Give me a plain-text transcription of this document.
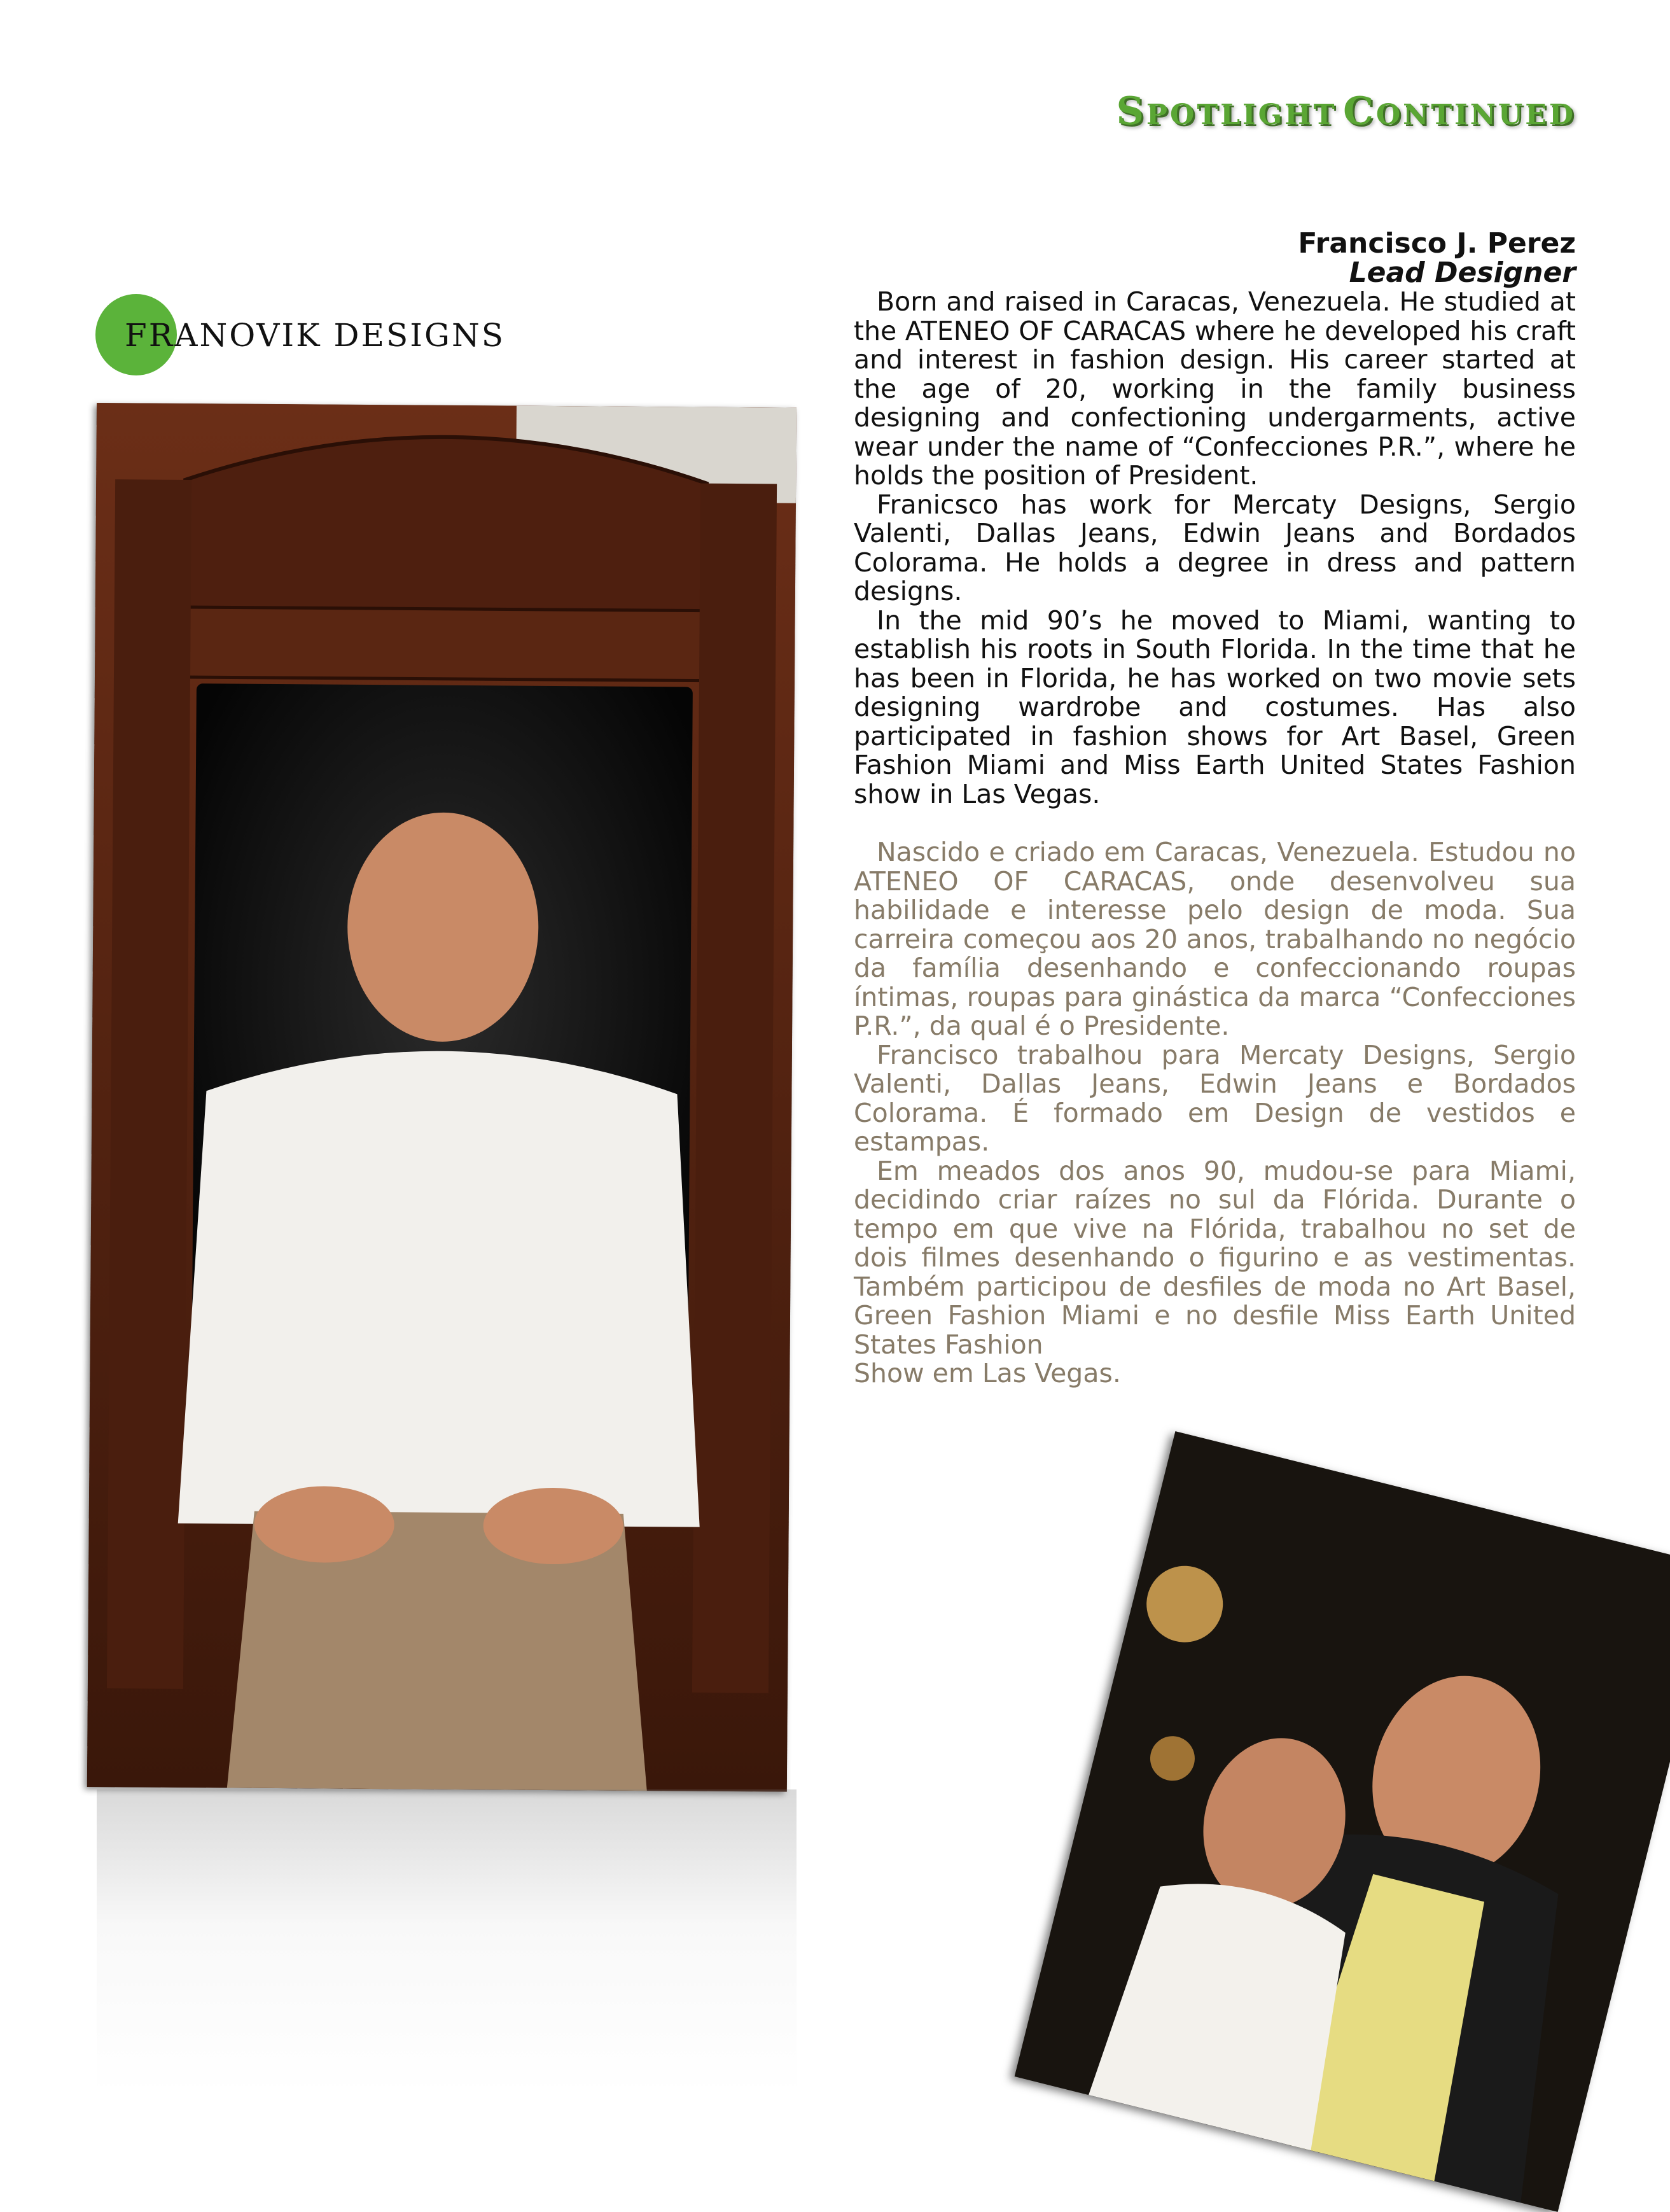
SPOTLIGHT CONTINUED
FRANOVIK DESIGNS
Francisco J. Perez
Lead Designer

Born and raised in Caracas, Venezuela. He studied at the ATENEO OF CARACAS where he developed his craft and interest in fashion design. His career started at the age of 20, working in the family business designing and confectioning undergarments, active wear under the name of “Confecciones P.R.”, where he holds the position of President.

Franicsco has work for Mercaty Designs, Sergio Valenti, Dallas Jeans, Edwin Jeans and Bordados Colorama. He holds a degree in dress and pattern designs.

In the mid 90’s he moved to Miami, wanting to establish his roots in South Florida. In the time that he has been in Florida, he has worked on two movie sets designing wardrobe and costumes. Has also participated in fashion shows for Art Basel, Green Fashion Miami and Miss Earth United States Fashion show in Las Vegas.

Nascido e criado em Caracas, Venezuela. Estudou no ATENEO OF CARACAS, onde desenvolveu sua habilidade e interesse pelo design de moda. Sua carreira começou aos 20 anos, trabalhando no negócio da família desenhando e confeccionando roupas íntimas, roupas para ginástica da marca “Confecciones P.R.”, da qual é o Presidente.

Francisco trabalhou para Mercaty Designs, Sergio Valenti, Dallas Jeans, Edwin Jeans e Bordados Colorama. É formado em Design de vestidos e estampas.

Em meados dos anos 90, mudou-se para Miami, decidindo criar raízes no sul da Flórida. Durante o tempo em que vive na Flórida, trabalhou no set de dois filmes desenhando o figurino e as vestimentas. Também participou de desfiles de moda no Art Basel, Green Fashion Miami e no desfile Miss Earth United States Fashion

Show em Las Vegas.
